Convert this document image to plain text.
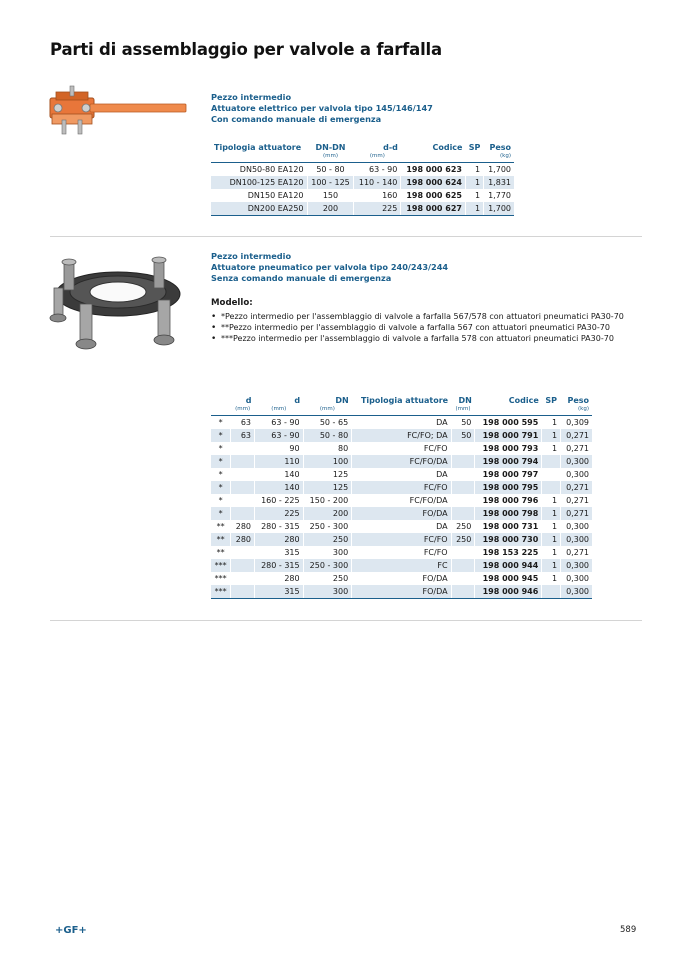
Parti di assemblaggio per valvole a farfalla
Pezzo intermedio
Attuatore elettrico per valvola tipo 145/146/147
Con comando manuale di emergenza
Tipologia attuatore	DN-DN	d-d	Codice	SP	Peso
	(mm)	(mm)			(kg)
DN50-80 EA120	50 - 80	63 - 90	198 000 623	1	1,700
DN100-125 EA120	100 - 125	110 - 140	198 000 624	1	1,831
DN150 EA120	150	160	198 000 625	1	1,770
DN200 EA250	200	225	198 000 627	1	1,700
Pezzo intermedio
Attuatore pneumatico per valvola tipo 240/243/244
Senza comando manuale di emergenza
Modello:
• *Pezzo intermedio per l'assemblaggio di valvole a farfalla 567/578 con attuatori pneumatici PA30-70
• **Pezzo intermedio per l'assemblaggio di valvole a farfalla 567 con attuatori pneumatici PA30-70
• ***Pezzo intermedio per l'assemblaggio di valvole a farfalla 578 con attuatori pneumatici PA30-70
	d	d	DN	Tipologia attuatore	DN	Codice	SP	Peso
	(mm)	(mm)	(mm)		(mm)			(kg)
*	63	63 - 90	50 - 65	DA	50	198 000 595	1	0,309
*	63	63 - 90	50 - 80	FC/FO; DA	50	198 000 791	1	0,271
*		90	80	FC/FO		198 000 793	1	0,271
*		110	100	FC/FO/DA		198 000 794		0,300
*		140	125	DA		198 000 797		0,300
*		140	125	FC/FO		198 000 795		0,271
*		160 - 225	150 - 200	FC/FO/DA		198 000 796	1	0,271
*		225	200	FO/DA		198 000 798	1	0,271
**	280	280 - 315	250 - 300	DA	250	198 000 731	1	0,300
**	280	280	250	FC/FO	250	198 000 730	1	0,300
**		315	300	FC/FO		198 153 225	1	0,271
***		280 - 315	250 - 300	FC		198 000 944	1	0,300
***		280	250	FO/DA		198 000 945	1	0,300
***		315	300	FO/DA		198 000 946		0,300
+GF+	589
